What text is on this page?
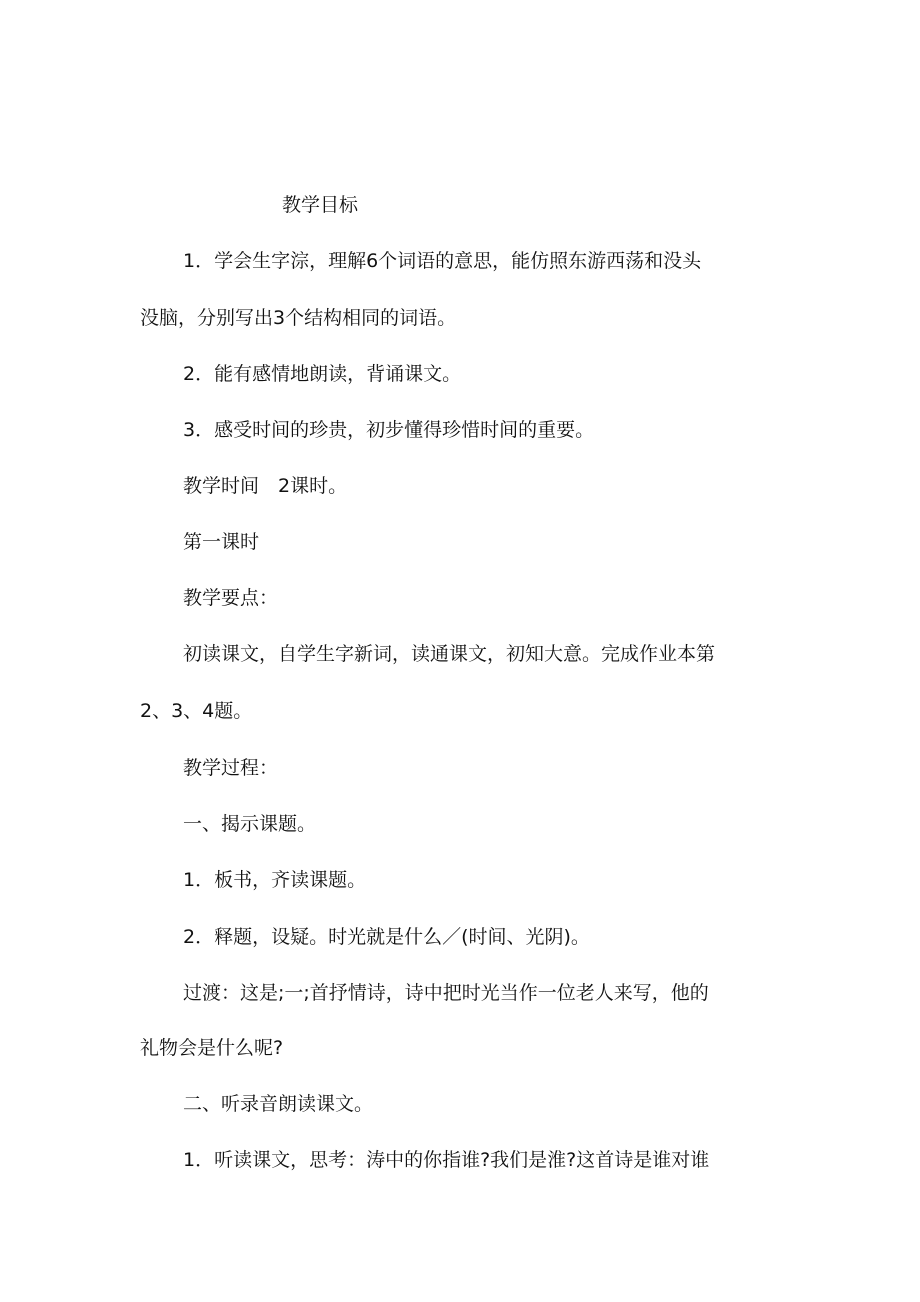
教学目标
1．学会生字淙，理解6个词语的意思，能仿照东游西荡和没头
没脑，分别写出3个结构相同的词语。
2．能有感情地朗读，背诵课文。
3．感受时间的珍贵，初步懂得珍惜时间的重要。
教学时间　2课时。
第一课时
教学要点：
初读课文，自学生字新词，读通课文，初知大意。完成作业本第
2、3、4题。
教学过程：
一、揭示课题。
1．板书，齐读课题。
2．释题，设疑。时光就是什么／(时间、光阴)。
过渡：这是;一;首抒情诗，诗中把时光当作一位老人来写，他的
礼物会是什么呢?
二、听录音朗读课文。
1．听读课文，思考：涛中的你指谁?我们是淮?这首诗是谁对谁
